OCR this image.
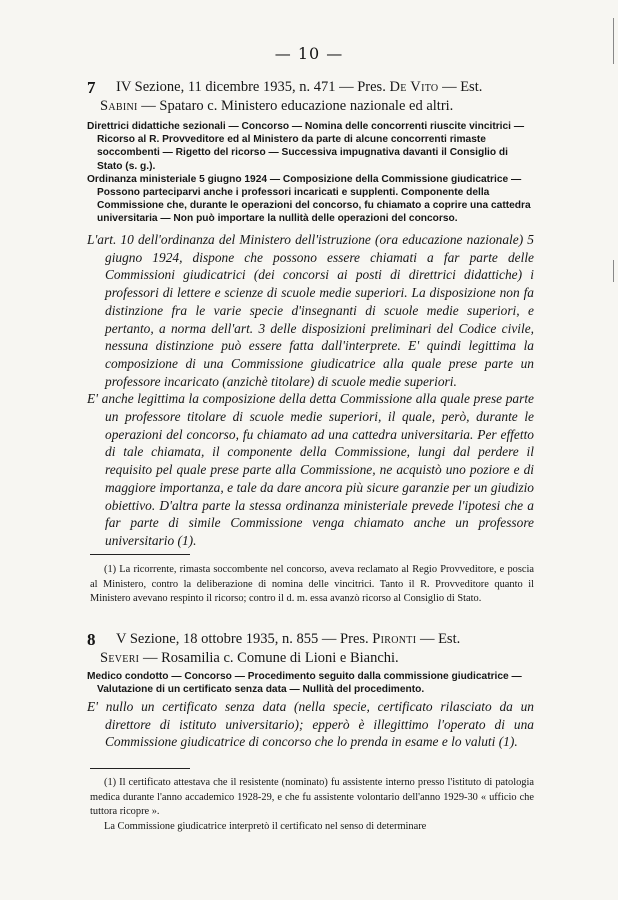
— 10 —
7	IV Sezione, 11 dicembre 1935, n. 471 — Pres. De Vito — Est.
Sabini — Spataro c. Ministero educazione nazionale ed altri.

Direttrici didattiche sezionali — Concorso — Nomina delle concorrenti riuscite vincitrici — Ricorso al R. Provveditore ed al Ministero da parte di alcune concorrenti rimaste soccombenti — Rigetto del ricorso — Successiva impugnativa davanti il Consiglio di Stato (s. g.).

Ordinanza ministeriale 5 giugno 1924 — Composizione della Commissione giudicatrice — Possono parteciparvi anche i professori incaricati e supplenti. Componente della Commissione che, durante le operazioni del concorso, fu chiamato a coprire una cattedra universitaria — Non può importare la nullità delle operazioni del concorso.

L'art. 10 dell'ordinanza del Ministero dell'istruzione (ora educazione nazionale) 5 giugno 1924, dispone che possono essere chiamati a far parte delle Commissioni giudicatrici (dei concorsi ai posti di direttrici didattiche) i professori di lettere e scienze di scuole medie superiori. La disposizione non fa distinzione fra le varie specie d'insegnanti di scuole medie superiori, e pertanto, a norma dell'art. 3 delle disposizioni preliminari del Codice civile, nessuna distinzione può essere fatta dall'interprete. E' quindi legittima la composizione di una Commissione giudicatrice alla quale prese parte un professore incaricato (anzichè titolare) di scuole medie superiori.

E' anche legittima la composizione della detta Commissione alla quale prese parte un professore titolare di scuole medie superiori, il quale, però, durante le operazioni del concorso, fu chiamato ad una cattedra universitaria. Per effetto di tale chiamata, il componente della Commissione, lungi dal perdere il requisito pel quale prese parte alla Commissione, ne acquistò uno poziore e di maggiore importanza, e tale da dare ancora più sicure garanzie per un giudizio obiettivo. D'altra parte la stessa ordinanza ministeriale prevede l'ipotesi che a far parte di simile Commissione venga chiamato anche un professore universitario (1).

(1) La ricorrente, rimasta soccombente nel concorso, aveva reclamato al Regio Provveditore, e poscia al Ministero, contro la deliberazione di nomina delle vincitrici. Tanto il R. Provveditore quanto il Ministero avevano respinto il ricorso; contro il d. m. essa avanzò ricorso al Consiglio di Stato.

8	V Sezione, 18 ottobre 1935, n. 855 — Pres. Pironti — Est.
Severi — Rosamilia c. Comune di Lioni e Bianchi.

Medico condotto — Concorso — Procedimento seguito dalla commissione giudicatrice — Valutazione di un certificato senza data — Nullità del procedimento.

E' nullo un certificato senza data (nella specie, certificato rilasciato da un direttore di istituto universitario); epperò è illegittimo l'operato di una Commissione giudicatrice di concorso che lo prenda in esame e lo valuti (1).

(1) Il certificato attestava che il resistente (nominato) fu assistente interno presso l'istituto di patologia medica durante l'anno accademico 1928-29, e che fu assistente volontario dell'anno 1929-30 « ufficio che tuttora ricopre ».

La Commissione giudicatrice interpretò il certificato nel senso di determinare
